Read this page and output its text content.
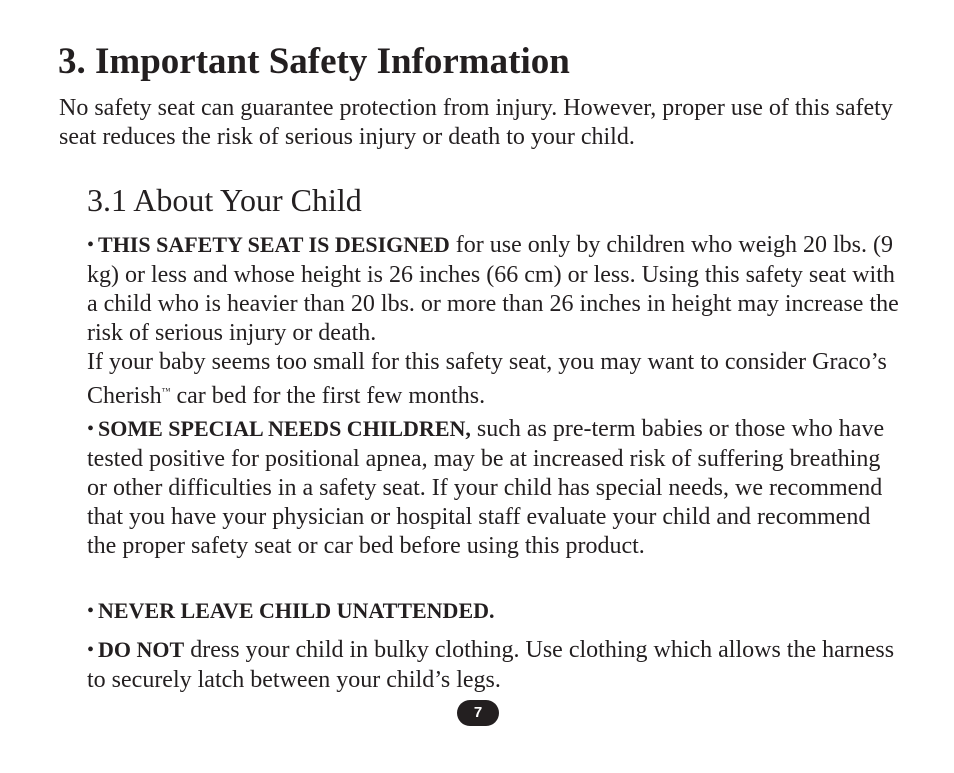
3. Important Safety Information

No safety seat can guarantee protection from injury. However, proper use of this safety seat reduces the risk of serious injury or death to your child.

3.1 About Your Child

• THIS SAFETY SEAT IS DESIGNED for use only by children who weigh 20 lbs. (9 kg) or less and whose height is 26 inches (66 cm) or less. Using this safety seat with a child who is heavier than 20 lbs. or more than 26 inches in height may increase the risk of serious injury or death.
If your baby seems too small for this safety seat, you may want to consider Graco’s Cherish™ car bed for the first few months.

• SOME SPECIAL NEEDS CHILDREN, such as pre-term babies or those who have tested positive for positional apnea, may be at increased risk of suffering breathing or other difficulties in a safety seat. If your child has special needs, we recommend that you have your physician or hospital staff evaluate your child and recommend the proper safety seat or car bed before using this product.

• NEVER LEAVE CHILD UNATTENDED.

• DO NOT dress your child in bulky clothing. Use clothing which allows the harness to securely latch between your child’s legs.

7
